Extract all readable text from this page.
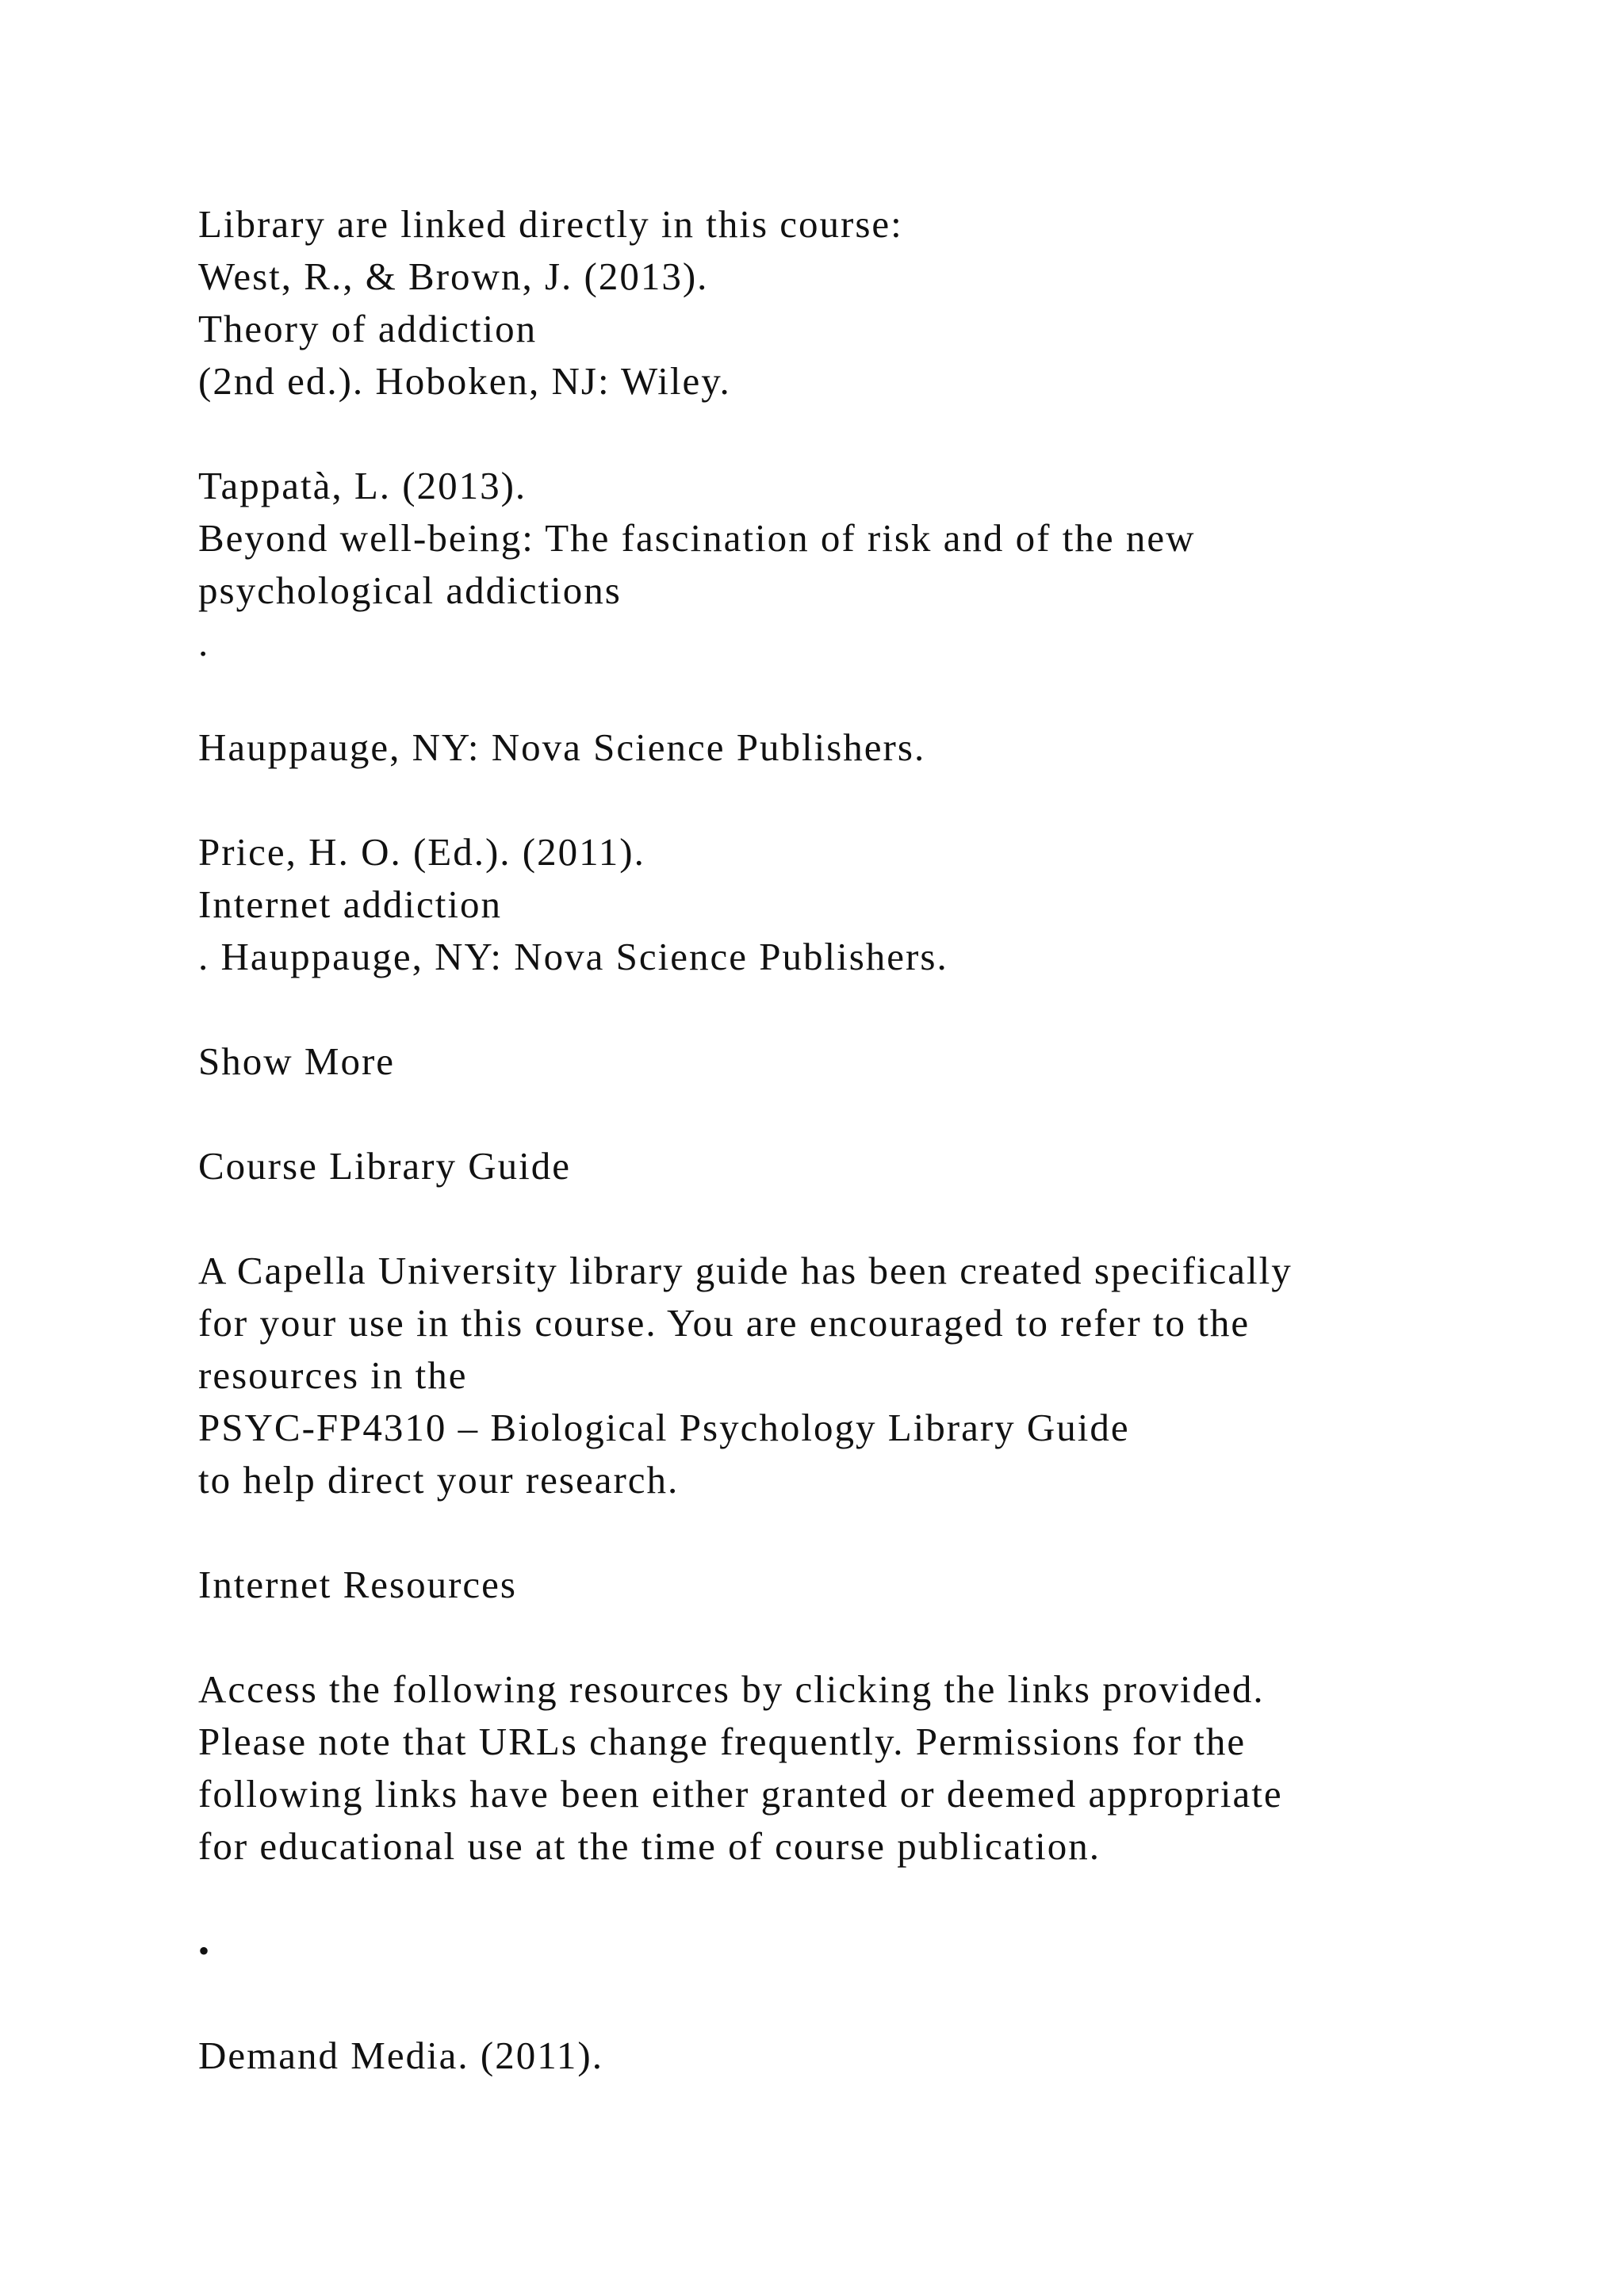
Library are linked directly in this course:

West, R., & Brown, J. (2013).

Theory of addiction

(2nd ed.). Hoboken, NJ: Wiley.

Tappatà, L. (2013).

Beyond well-being: The fascination of risk and of the new

psychological addictions

.

Hauppauge, NY: Nova Science Publishers.

Price, H. O. (Ed.). (2011).

Internet addiction

. Hauppauge, NY: Nova Science Publishers.

Show More

Course Library Guide

A Capella University library guide has been created specifically

for your use in this course. You are encouraged to refer to the

resources in the

PSYC-FP4310 – Biological Psychology Library Guide

to help direct your research.

Internet Resources

Access the following resources by clicking the links provided.

Please note that URLs change frequently. Permissions for the

following links have been either granted or deemed appropriate

for educational use at the time of course publication.

•

Demand Media. (2011).
